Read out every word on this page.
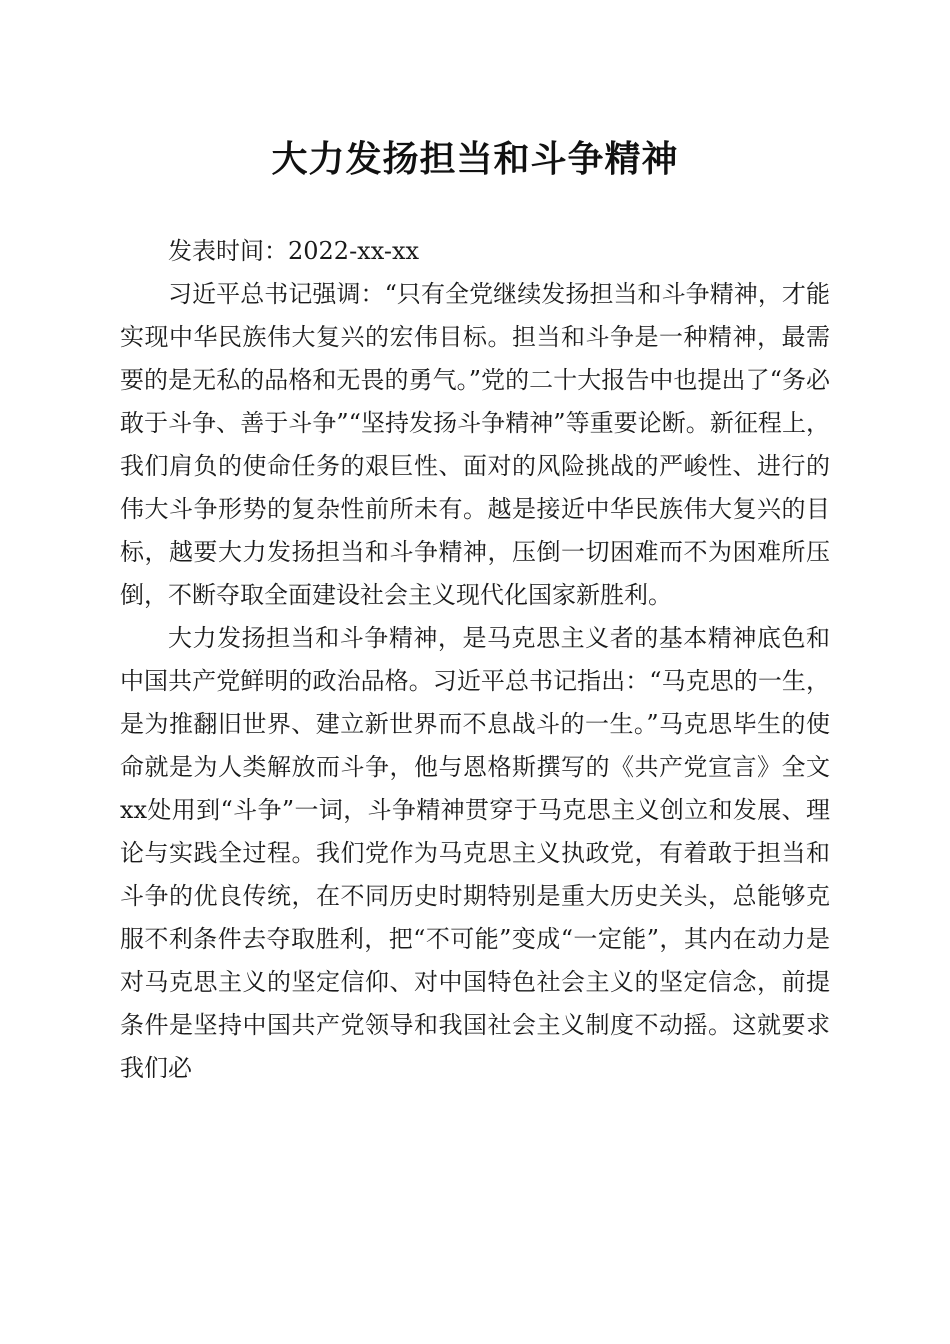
大力发扬担当和斗争精神

发表时间：2022-xx-xx

习近平总书记强调：“只有全党继续发扬担当和斗争精神，才能实现中华民族伟大复兴的宏伟目标。担当和斗争是一种精神，最需要的是无私的品格和无畏的勇气。”党的二十大报告中也提出了“务必敢于斗争、善于斗争”“坚持发扬斗争精神”等重要论断。新征程上，我们肩负的使命任务的艰巨性、面对的风险挑战的严峻性、进行的伟大斗争形势的复杂性前所未有。越是接近中华民族伟大复兴的目标，越要大力发扬担当和斗争精神，压倒一切困难而不为困难所压倒，不断夺取全面建设社会主义现代化国家新胜利。

大力发扬担当和斗争精神，是马克思主义者的基本精神底色和中国共产党鲜明的政治品格。习近平总书记指出：“马克思的一生，是为推翻旧世界、建立新世界而不息战斗的一生。”马克思毕生的使命就是为人类解放而斗争，他与恩格斯撰写的《共产党宣言》全文xx处用到“斗争”一词，斗争精神贯穿于马克思主义创立和发展、理论与实践全过程。我们党作为马克思主义执政党，有着敢于担当和斗争的优良传统，在不同历史时期特别是重大历史关头，总能够克服不利条件去夺取胜利，把“不可能”变成“一定能”，其内在动力是对马克思主义的坚定信仰、对中国特色社会主义的坚定信念，前提条件是坚持中国共产党领导和我国社会主义制度不动摇。这就要求我们必
